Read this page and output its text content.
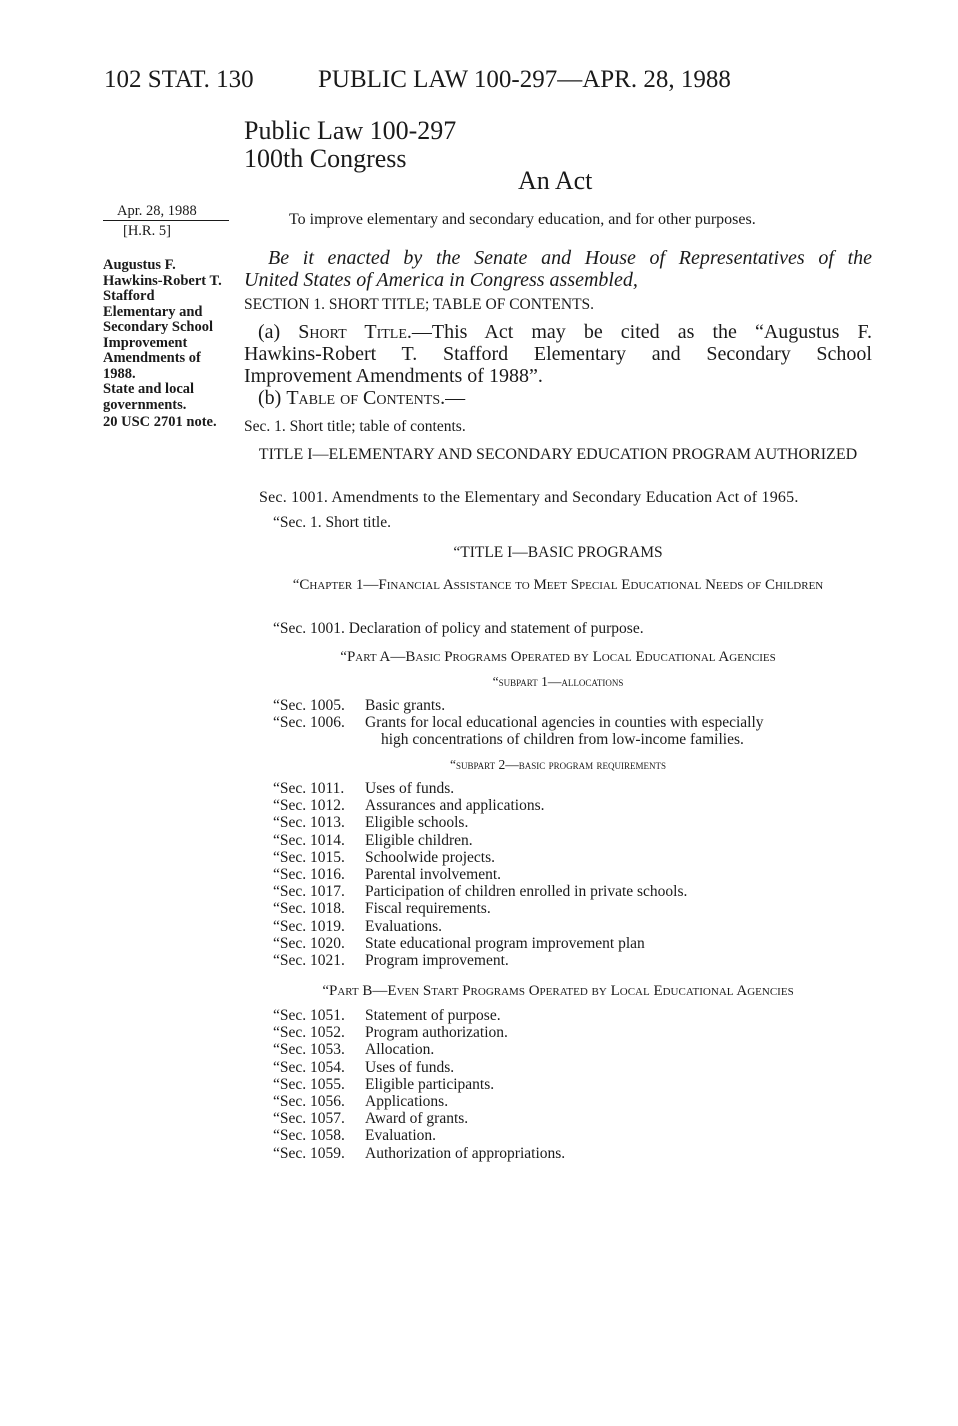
102 STAT. 130	PUBLIC LAW 100-297—APR. 28, 1988
Public Law 100-297
100th Congress
An Act
To improve elementary and secondary education, and for other purposes.
Apr. 28, 1988
[H.R. 5]
Augustus F. Hawkins-Robert T. Stafford Elementary and Secondary School Improvement Amendments of 1988.
State and local governments.
20 USC 2701 note.
Be it enacted by the Senate and House of Representatives of the
United States of America in Congress assembled,
SECTION 1. SHORT TITLE; TABLE OF CONTENTS.
(a) Short Title.—This Act may be cited as the “Augustus F.
Hawkins-Robert T. Stafford Elementary and Secondary School
Improvement Amendments of 1988”.
(b) Table of Contents.—
Sec. 1. Short title; table of contents.
TITLE I—ELEMENTARY AND SECONDARY EDUCATION PROGRAM AUTHORIZED
Sec. 1001. Amendments to the Elementary and Secondary Education Act of 1965.
“Sec. 1. Short title.
“TITLE I—BASIC PROGRAMS
“Chapter 1—Financial Assistance to Meet Special Educational Needs of Children
“Sec. 1001. Declaration of policy and statement of purpose.
“Part A—Basic Programs Operated by Local Educational Agencies
“subpart 1—allocations
“Sec. 1005. Basic grants.
“Sec. 1006. Grants for local educational agencies in counties with especially
high concentrations of children from low-income families.
“subpart 2—basic program requirements
“Sec. 1011. Uses of funds.
“Sec. 1012. Assurances and applications.
“Sec. 1013. Eligible schools.
“Sec. 1014. Eligible children.
“Sec. 1015. Schoolwide projects.
“Sec. 1016. Parental involvement.
“Sec. 1017. Participation of children enrolled in private schools.
“Sec. 1018. Fiscal requirements.
“Sec. 1019. Evaluations.
“Sec. 1020. State educational program improvement plan
“Sec. 1021. Program improvement.
“Part B—Even Start Programs Operated by Local Educational Agencies
“Sec. 1051. Statement of purpose.
“Sec. 1052. Program authorization.
“Sec. 1053. Allocation.
“Sec. 1054. Uses of funds.
“Sec. 1055. Eligible participants.
“Sec. 1056. Applications.
“Sec. 1057. Award of grants.
“Sec. 1058. Evaluation.
“Sec. 1059. Authorization of appropriations.
